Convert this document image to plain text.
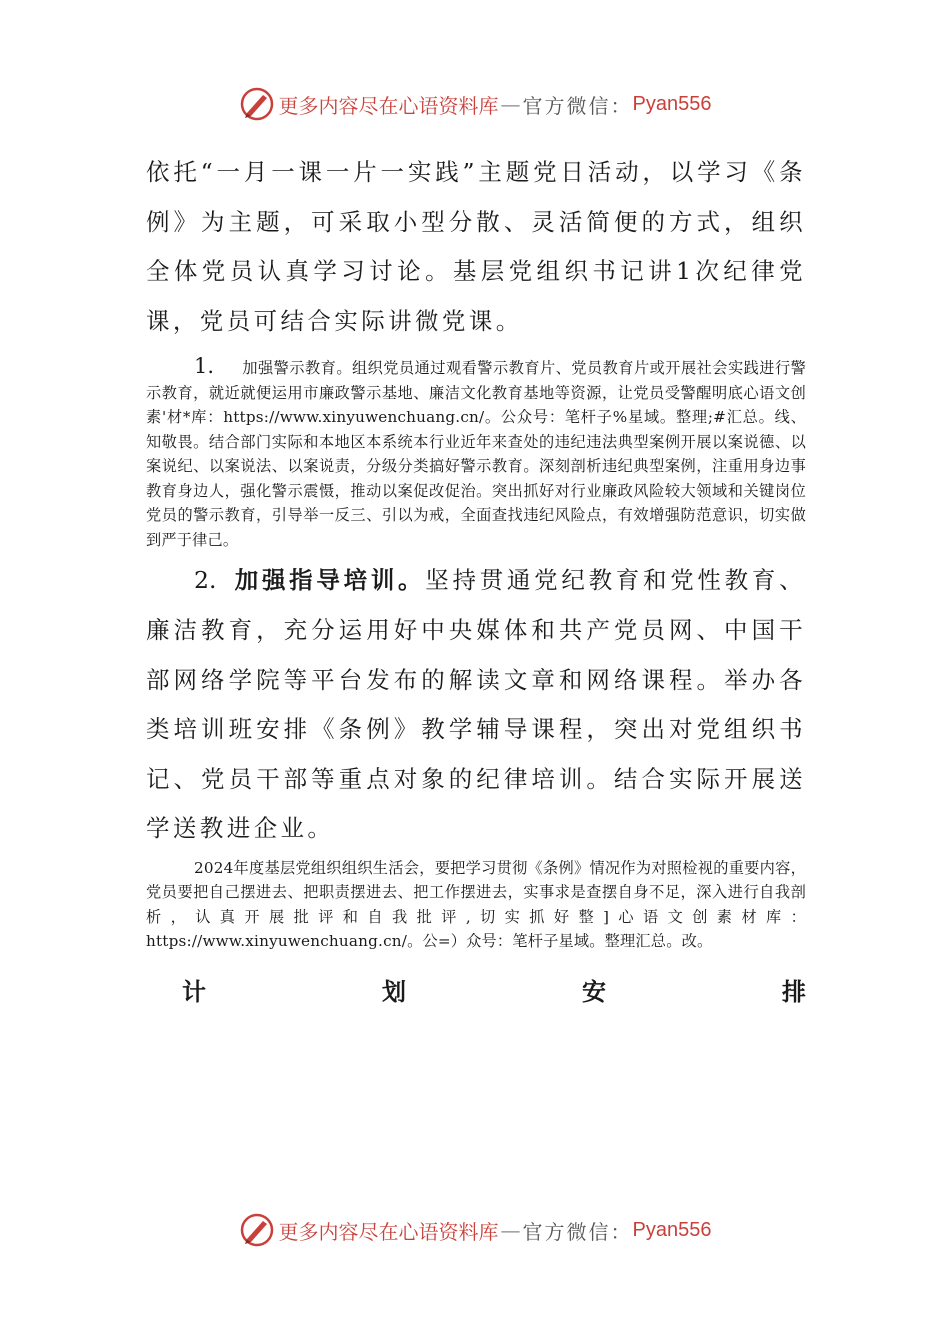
更多内容尽在心语资料库 — 官方微信： Pyan556

依托“一月一课一片一实践”主题党日活动，以学习《条例》为主题，可采取小型分散、灵活简便的方式，组织全体党员认真学习讨论。基层党组织书记讲1次纪律党课，党员可结合实际讲微党课。

1. 加强警示教育。组织党员通过观看警示教育片、党员教育片或开展社会实践进行警示教育，就近就便运用市廉政警示基地、廉洁文化教育基地等资源，让党员受警醒明底心语文创素'材*库：https://www.xinyuwenchuang.cn/。公众号：笔杆子%星域。整理;#汇总。线、知敬畏。结合部门实际和本地区本系统本行业近年来查处的违纪违法典型案例开展以案说德、以案说纪、以案说法、以案说责，分级分类搞好警示教育。深刻剖析违纪典型案例，注重用身边事教育身边人，强化警示震慑，推动以案促改促治。突出抓好对行业廉政风险较大领域和关键岗位党员的警示教育，引导举一反三、引以为戒，全面查找违纪风险点，有效增强防范意识，切实做到严于律己。

2. 加强指导培训。坚持贯通党纪教育和党性教育、廉洁教育，充分运用好中央媒体和共产党员网、中国干部网络学院等平台发布的解读文章和网络课程。举办各类培训班安排《条例》教学辅导课程，突出对党组织书记、党员干部等重点对象的纪律培训。结合实际开展送学送教进企业。

2024年度基层党组织组织生活会，要把学习贯彻《条例》情况作为对照检视的重要内容，党员要把自己摆进去、把职责摆进去、把工作摆进去，实事求是查摆自身不足，深入进行自我剖析，认真开展批评和自我批评,切实抓好整]心语文创素材库：https://www.xinyuwenchuang.cn/。公=）众号：笔杆子星域。整理汇总。改。

计	划	安	排
更多内容尽在心语资料库 — 官方微信： Pyan556
